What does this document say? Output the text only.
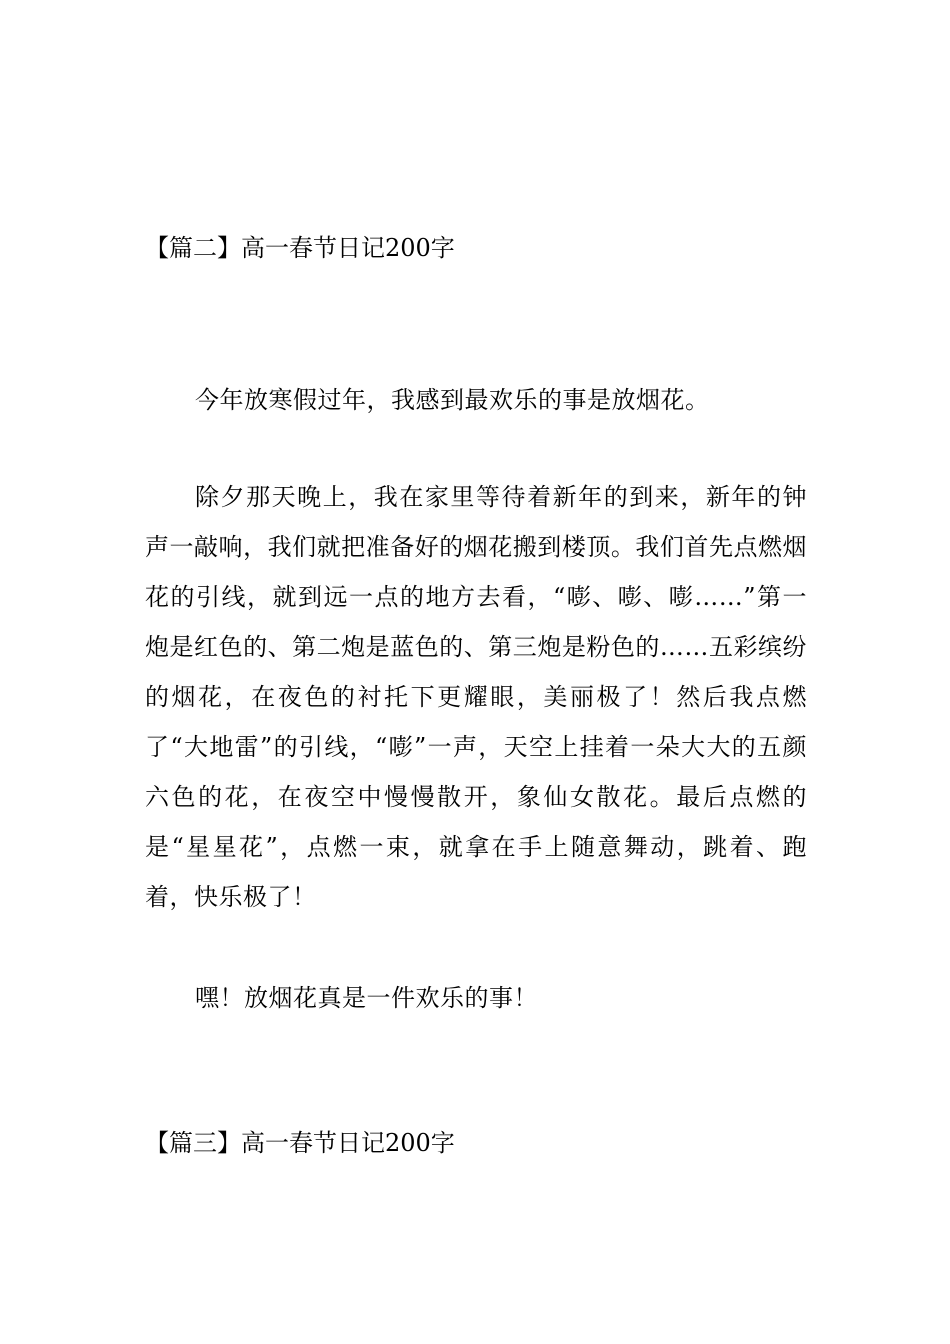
【篇二】高一春节日记200字
今年放寒假过年，我感到最欢乐的事是放烟花。
除夕那天晚上，我在家里等待着新年的到来，新年的钟声一敲响，我们就把准备好的烟花搬到楼顶。我们首先点燃烟花的引线，就到远一点的地方去看，“嘭、嘭、嘭……”第一炮是红色的、第二炮是蓝色的、第三炮是粉色的……五彩缤纷的烟花，在夜色的衬托下更耀眼，美丽极了！然后我点燃了“大地雷”的引线，“嘭”一声，天空上挂着一朵大大的五颜六色的花，在夜空中慢慢散开，象仙女散花。最后点燃的是“星星花”，点燃一束，就拿在手上随意舞动，跳着、跑着，快乐极了！
嘿！放烟花真是一件欢乐的事！
【篇三】高一春节日记200字
